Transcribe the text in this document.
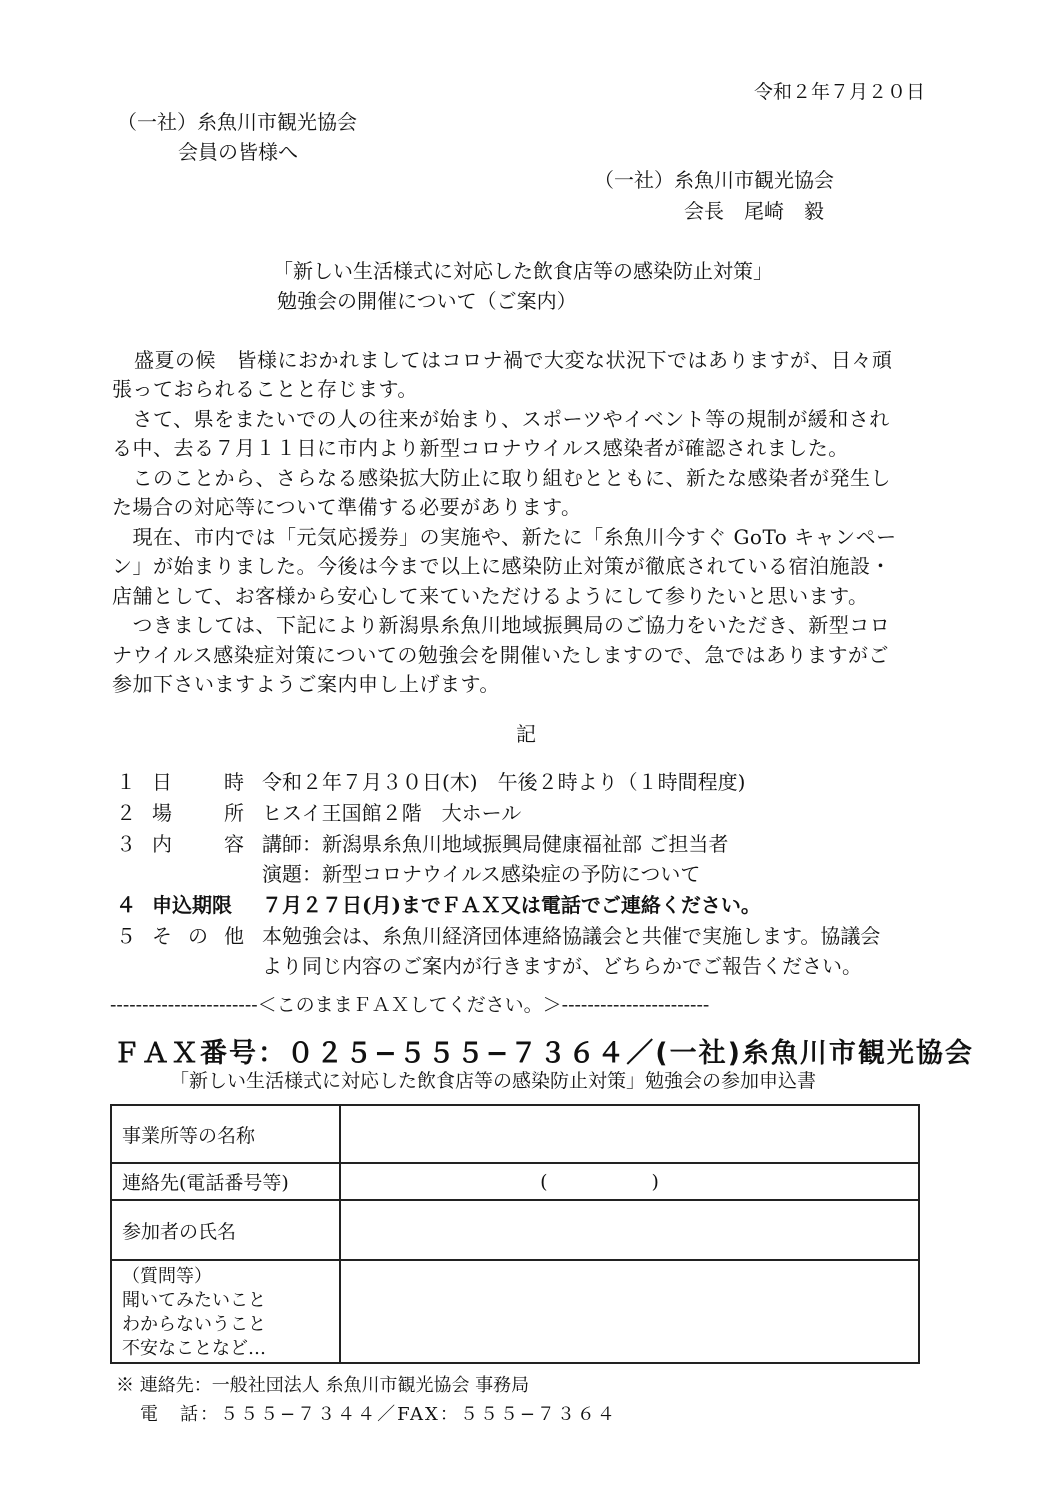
令和２年７月２０日
（一社）糸魚川市観光協会
会員の皆様へ
（一社）糸魚川市観光協会
会長　尾崎　毅
「新しい生活様式に対応した飲食店等の感染防止対策」
勉強会の開催について（ご案内）
盛夏の候　皆様におかれましてはコロナ禍で大変な状況下ではありますが、日々頑
張っておられることと存じます。
　さて、県をまたいでの人の往来が始まり、スポーツやイベント等の規制が緩和され
る中、去る７月１１日に市内より新型コロナウイルス感染者が確認されました。
　このことから、さらなる感染拡大防止に取り組むとともに、新たな感染者が発生し
た場合の対応等について準備する必要があります。
　現在、市内では「元気応援券」の実施や、新たに「糸魚川今すぐ GoTo キャンペー
ン」が始まりました。今後は今まで以上に感染防止対策が徹底されている宿泊施設・
店舗として、お客様から安心して来ていただけるようにして参りたいと思います。
　つきましては、下記により新潟県糸魚川地域振興局のご協力をいただき、新型コロ
ナウイルス感染症対策についての勉強会を開催いたしますので、急ではありますがご
参加下さいますようご案内申し上げます。
記
１ 日	時 令和２年７月３０日(木)　午後２時より（１時間程度)
２ 場	所 ヒスイ王国館２階　大ホール
３ 内	容 講師：新潟県糸魚川地域振興局健康福祉部 ご担当者
演題：新型コロナウイルス感染症の予防について
４ 申込期限 ７月２７日(月)までＦＡＸ又は電話でご連絡ください。
５ そ の 他 本勉強会は、糸魚川経済団体連絡協議会と共催で実施します。協議会
より同じ内容のご案内が行きますが、どちらかでご報告ください。
-----------------------＜このままＦＡＸしてください。＞-----------------------
ＦＡＸ番号：０２５−５５５−７３６４／(一社)糸魚川市観光協会
「新しい生活様式に対応した飲食店等の感染防止対策」勉強会の参加申込書
事業所等の名称	
連絡先(電話番号等)	( )

参加者の氏名	
（質問等）
聞いてみたいこと
わからないうこと
不安なことなど…	
※ 連絡先：一般社団法人 糸魚川市観光協会 事務局
電　話：５５５−７３４４／FAX：５５５−７３６４
